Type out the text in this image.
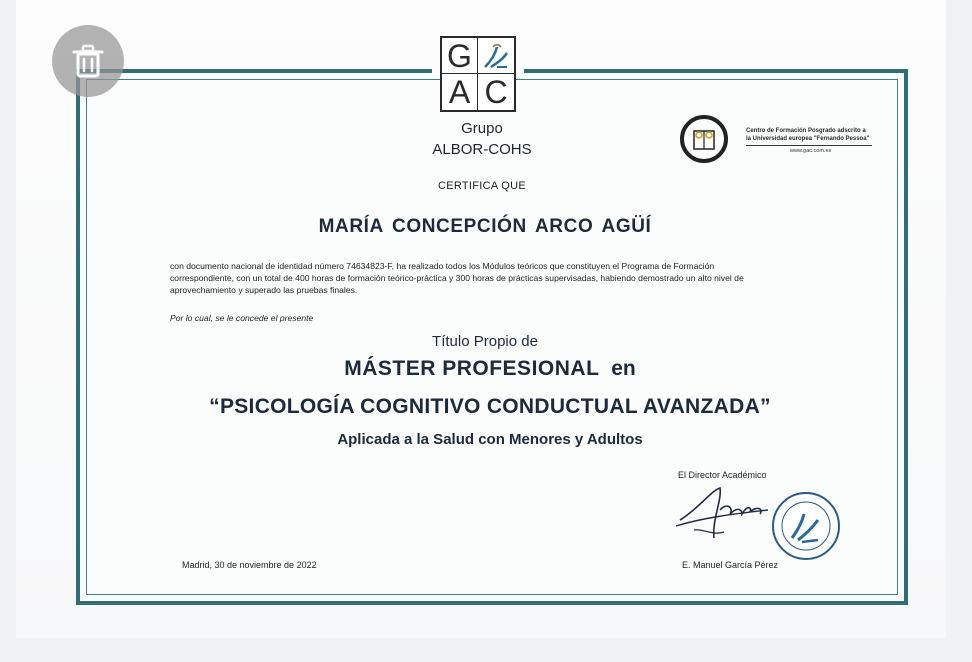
G
A C
Grupo
ALBOR-COHS
Centro de Formación Posgrado adscrito a
la Universidad europea "Fernando Pessoa"
www.gac.com.es
CERTIFICA QUE
MARÍA CONCEPCIÓN ARCO AGÜÍ
con documento nacional de identidad número 74634823-F, ha realizado todos los Módulos teóricos que constituyen el Programa de Formación
correspondiente, con un total de 400 horas de formación teórico-práctica y 300 horas de prácticas supervisadas, habiendo demostrado un alto nivel de
aprovechamiento y superado las pruebas finales.
Por lo cual, se le concede el presente
Título Propio de
MÁSTER PROFESIONAL en
“PSICOLOGÍA COGNITIVO CONDUCTUAL AVANZADA”
Aplicada a la Salud con Menores y Adultos
El Director Académico
E. Manuel García Pérez
Madrid, 30 de noviembre de 2022
